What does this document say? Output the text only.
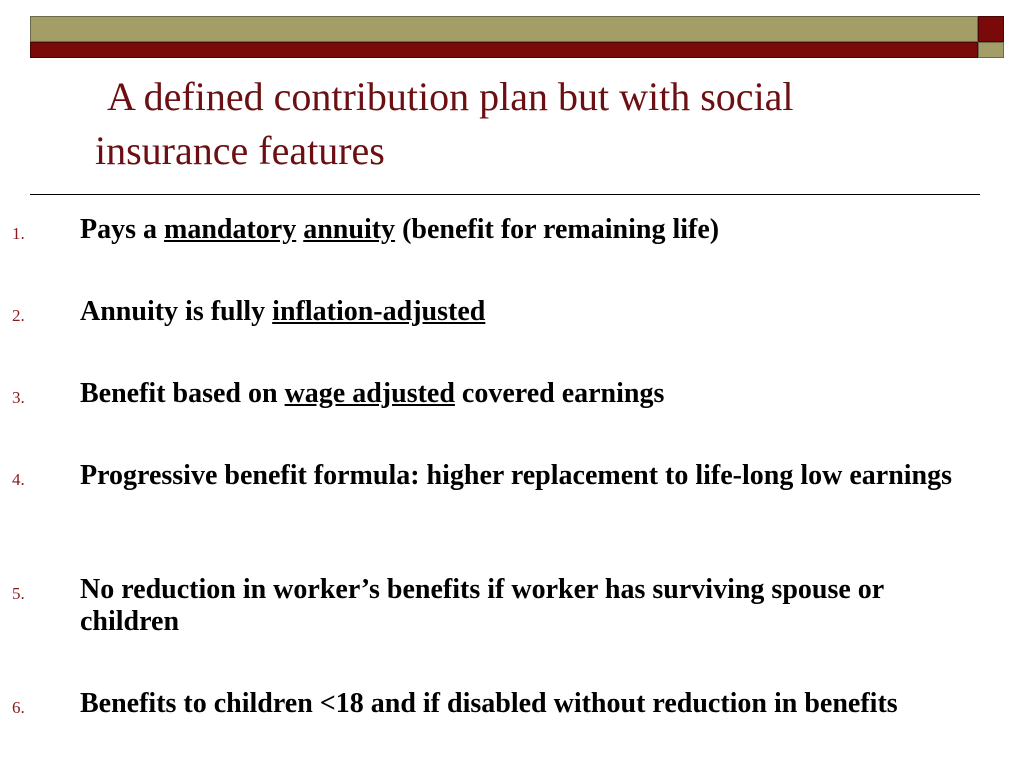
A defined contribution plan but with social
insurance features
1. Pays a mandatory annuity (benefit for remaining life)
2. Annuity is fully inflation-adjusted
3. Benefit based on wage adjusted covered earnings
4. Progressive benefit formula: higher replacement to life-long low earnings
5. No reduction in worker’s benefits if worker has surviving spouse or children
6. Benefits to children <18 and if disabled without reduction in benefits
